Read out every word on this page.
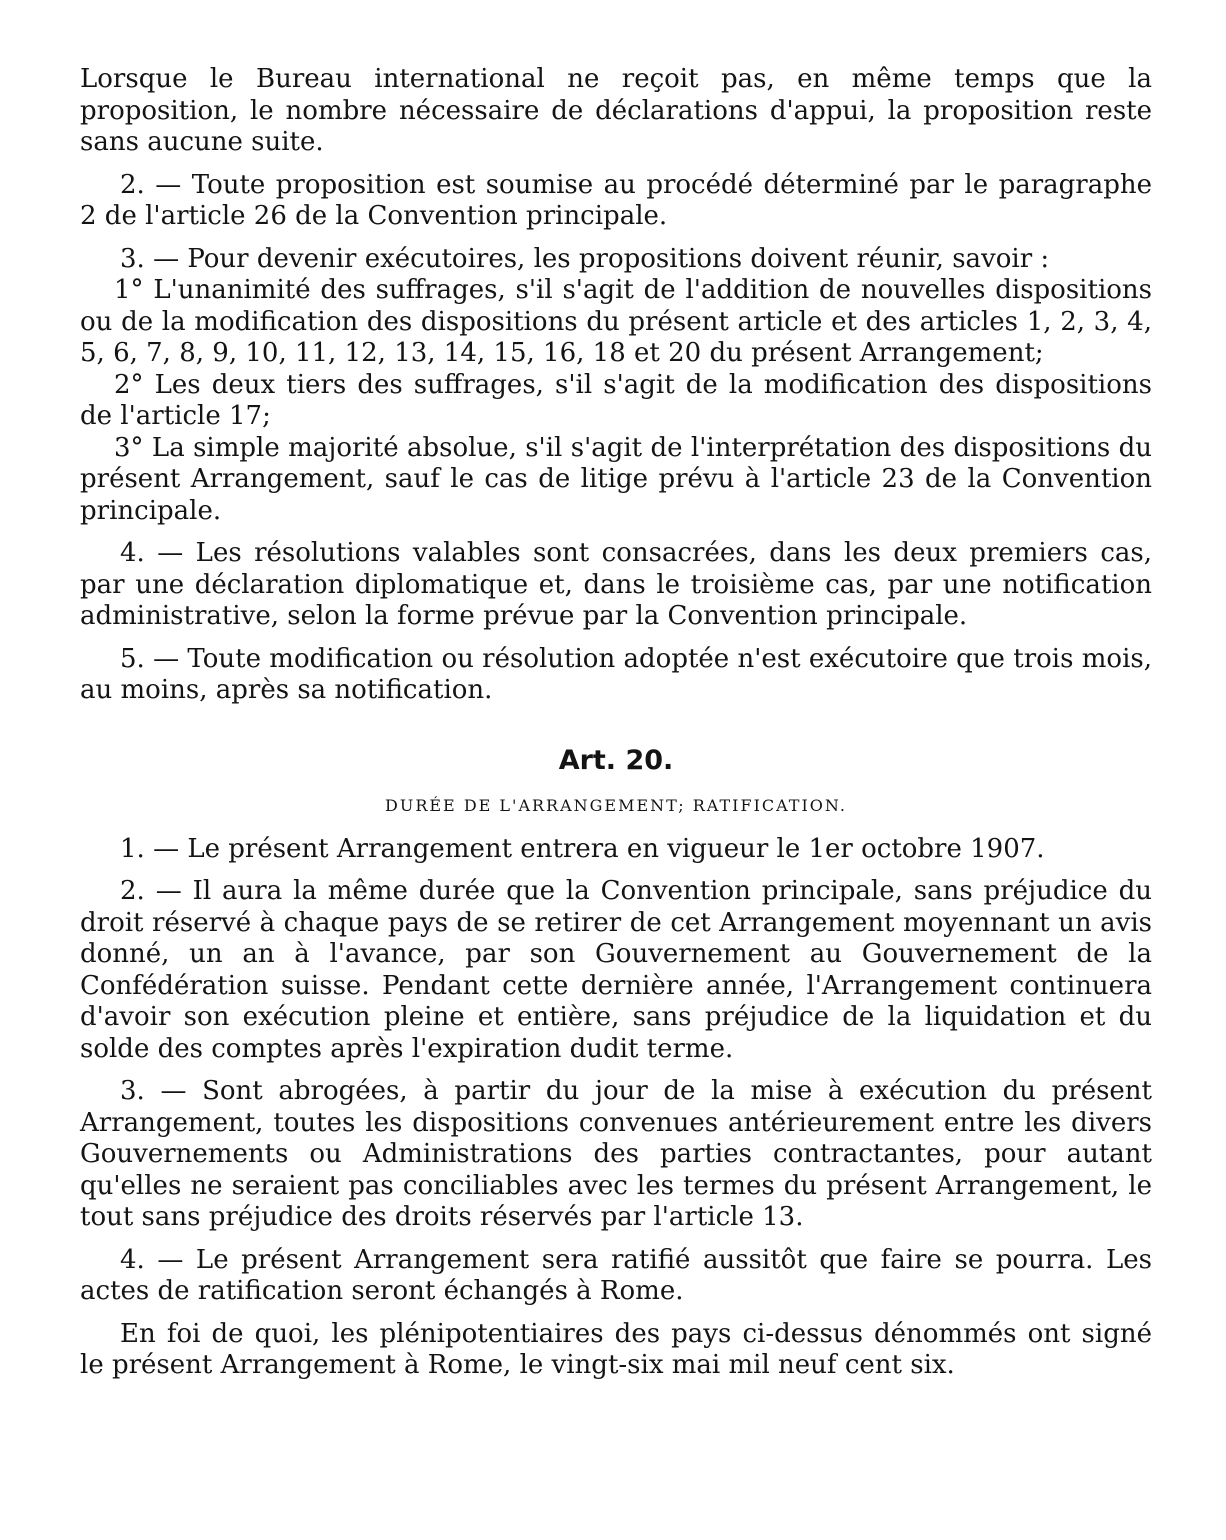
Lorsque le Bureau international ne reçoit pas, en même temps que la proposition, le nombre nécessaire de déclarations d'appui, la proposition reste sans aucune suite.

2. — Toute proposition est soumise au procédé déterminé par le paragraphe 2 de l'article 26 de la Convention principale.

3. — Pour devenir exécutoires, les propositions doivent réunir, savoir :

1° L'unanimité des suffrages, s'il s'agit de l'addition de nouvelles dispositions ou de la modification des dispositions du présent article et des articles 1, 2, 3, 4, 5, 6, 7, 8, 9, 10, 11, 12, 13, 14, 15, 16, 18 et 20 du présent Arrangement;

2° Les deux tiers des suffrages, s'il s'agit de la modification des dispositions de l'article 17;

3° La simple majorité absolue, s'il s'agit de l'interprétation des dispositions du présent Arrangement, sauf le cas de litige prévu à l'article 23 de la Convention principale.

4. — Les résolutions valables sont consacrées, dans les deux premiers cas, par une déclaration diplomatique et, dans le troisième cas, par une notification administrative, selon la forme prévue par la Convention principale.

5. — Toute modification ou résolution adoptée n'est exécutoire que trois mois, au moins, après sa notification.

Art. 20.
DURÉE DE L'ARRANGEMENT; RATIFICATION.

1. — Le présent Arrangement entrera en vigueur le 1er octobre 1907.

2. — Il aura la même durée que la Convention principale, sans préjudice du droit réservé à chaque pays de se retirer de cet Arrangement moyennant un avis donné, un an à l'avance, par son Gouvernement au Gouvernement de la Confédération suisse. Pendant cette dernière année, l'Arrangement continuera d'avoir son exécution pleine et entière, sans préjudice de la liquidation et du solde des comptes après l'expiration dudit terme.

3. — Sont abrogées, à partir du jour de la mise à exécution du présent Arrangement, toutes les dispositions convenues antérieurement entre les divers Gouvernements ou Administrations des parties contractantes, pour autant qu'elles ne seraient pas conciliables avec les termes du présent Arrangement, le tout sans préjudice des droits réservés par l'article 13.

4. — Le présent Arrangement sera ratifié aussitôt que faire se pourra. Les actes de ratification seront échangés à Rome.

En foi de quoi, les plénipotentiaires des pays ci-dessus dénommés ont signé le présent Arrangement à Rome, le vingt-six mai mil neuf cent six.
